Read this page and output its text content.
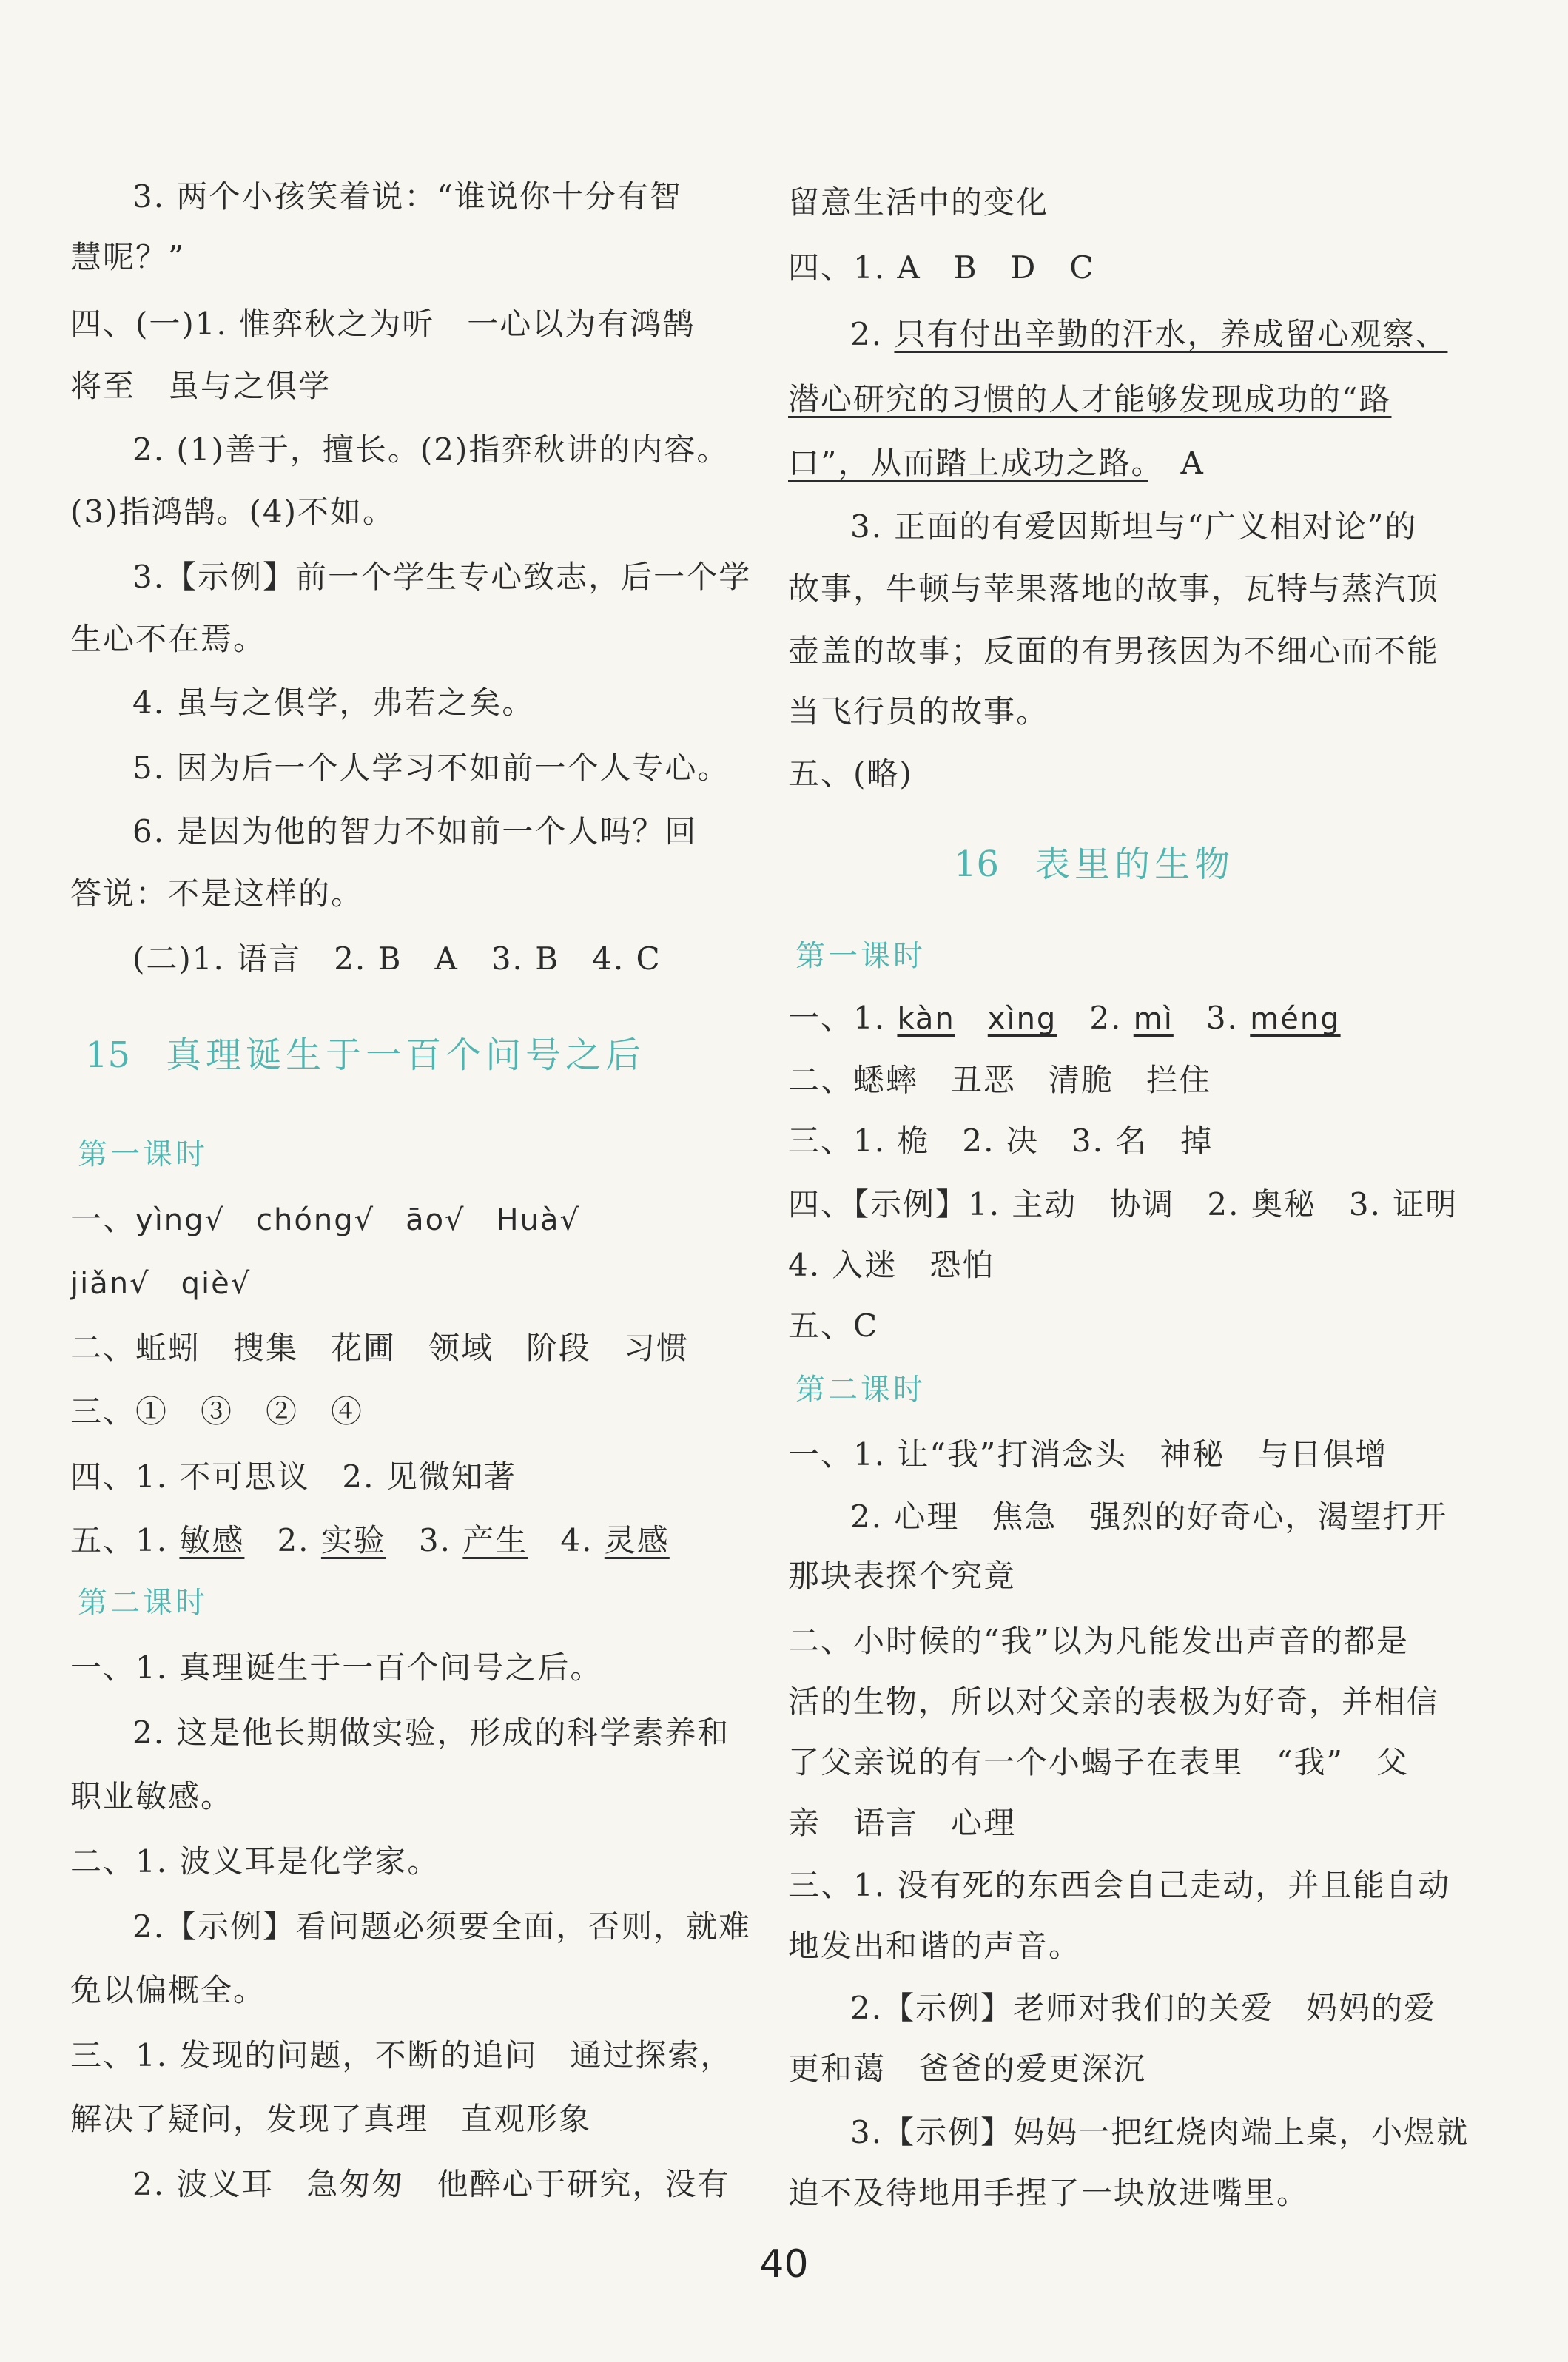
3. 两个小孩笑着说：“谁说你十分有智
慧呢？”
四、(一)1. 惟弈秋之为听　一心以为有鸿鹄
将至　虽与之俱学
2. (1)善于，擅长。(2)指弈秋讲的内容。
(3)指鸿鹄。(4)不如。
3.【示例】前一个学生专心致志，后一个学
生心不在焉。
4. 虽与之俱学，弗若之矣。
5. 因为后一个人学习不如前一个人专心。
6. 是因为他的智力不如前一个人吗？回
答说：不是这样的。
(二)1. 语言　2. B　A　3. B　4. C
15 真理诞生于一百个问号之后
第一课时
一、yìng√　chóng√　āo√　Huà√
jiǎn√　qiè√
二、蚯蚓　搜集　花圃　领域　阶段　习惯
三、①　③　②　④
四、1. 不可思议　2. 见微知著
五、1. 敏感　2. 实验　3. 产生　4. 灵感
第二课时
一、1. 真理诞生于一百个问号之后。
2. 这是他长期做实验，形成的科学素养和
职业敏感。
二、1. 波义耳是化学家。
2.【示例】看问题必须要全面，否则，就难
免以偏概全。
三、1. 发现的问题，不断的追问　通过探索，
解决了疑问，发现了真理　直观形象
2. 波义耳　急匆匆　他醉心于研究，没有
留意生活中的变化
四、1. A　B　D　C
2. 只有付出辛勤的汗水，养成留心观察、
潜心研究的习惯的人才能够发现成功的“路
口”，从而踏上成功之路。　A
3. 正面的有爱因斯坦与“广义相对论”的
故事，牛顿与苹果落地的故事，瓦特与蒸汽顶
壶盖的故事；反面的有男孩因为不细心而不能
当飞行员的故事。
五、(略)
16 表里的生物
第一课时
一、1. kàn　 xìng　2. mì　3. méng
二、蟋蟀　丑恶　清脆　拦住
三、1. 桅　2. 决　3. 名　掉
四、【示例】1. 主动　协调　2. 奥秘　3. 证明
4. 入迷　恐怕
五、C
第二课时
一、1. 让“我”打消念头　神秘　与日俱增
2. 心理　焦急　强烈的好奇心，渴望打开
那块表探个究竟
二、小时候的“我”以为凡能发出声音的都是
活的生物，所以对父亲的表极为好奇，并相信
了父亲说的有一个小蝎子在表里　“我”　父
亲　语言　心理
三、1. 没有死的东西会自己走动，并且能自动
地发出和谐的声音。
2.【示例】老师对我们的关爱　妈妈的爱
更和蔼　爸爸的爱更深沉
3.【示例】妈妈一把红烧肉端上桌，小煜就
迫不及待地用手捏了一块放进嘴里。
40
